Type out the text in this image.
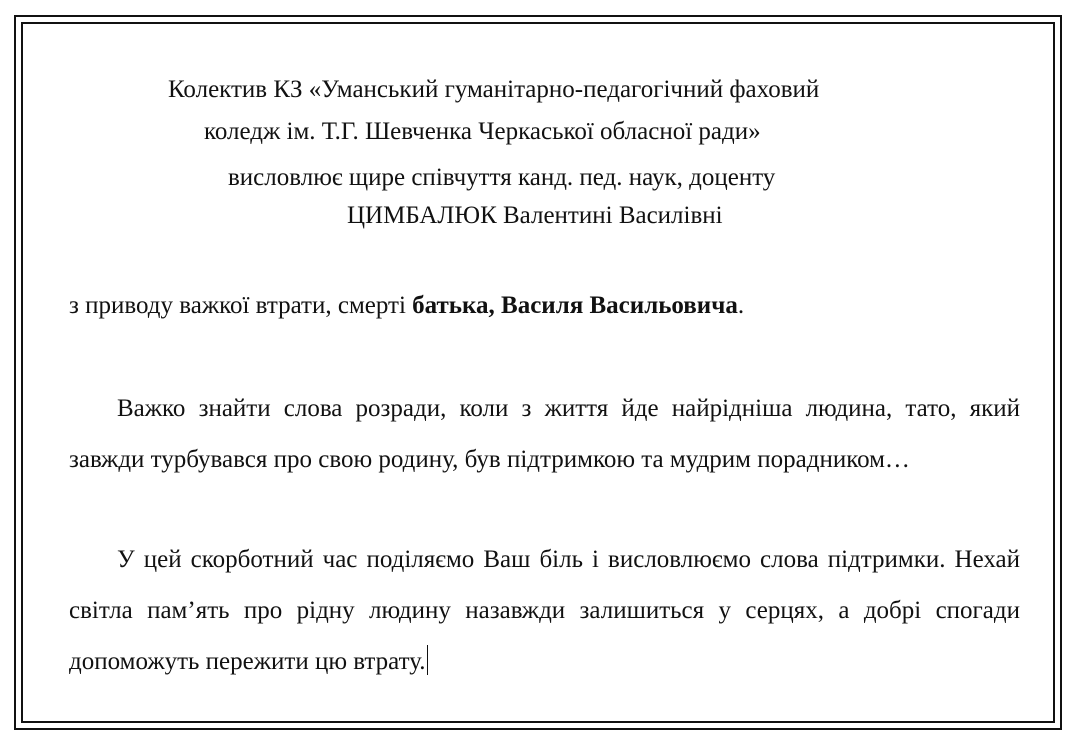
Колектив КЗ «Уманський гуманітарно-педагогічний фаховий

коледж ім. Т.Г. Шевченка Черкаської обласної ради»

висловлює щире співчуття канд. пед. наук, доценту

ЦИМБАЛЮК Валентині Василівні

з приводу важкої втрати, смерті батька, Василя Васильовича.

Важко знайти слова розради, коли з життя йде найрідніша людина, тато, який завжди турбувався про свою родину, був підтримкою та мудрим порадником…

У цей скорботний час поділяємо Ваш біль і висловлюємо слова підтримки. Нехай світла пам’ять про рідну людину назавжди залишиться у серцях, а добрі спогади допоможуть пережити цю втрату.
